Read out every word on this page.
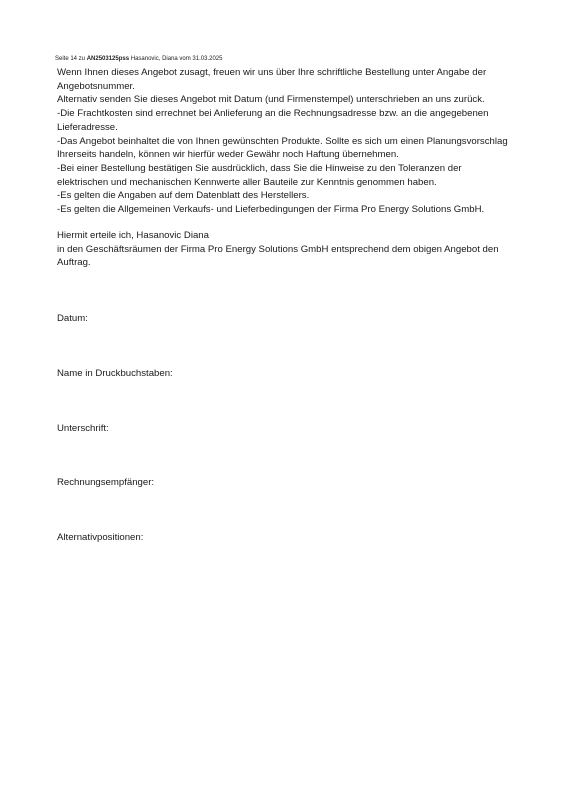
Seite 14 zu AN2503125pss Hasanovic, Diana vom 31.03.2025

Wenn Ihnen dieses Angebot zusagt, freuen wir uns über Ihre schriftliche Bestellung unter Angabe der Angebotsnummer.

Alternativ senden Sie dieses Angebot mit Datum (und Firmenstempel) unterschrieben an uns zurück.

-Die Frachtkosten sind errechnet bei Anlieferung an die Rechnungsadresse bzw. an die angegebenen Lieferadresse.

-Das Angebot beinhaltet die von Ihnen gewünschten Produkte. Sollte es sich um einen Planungsvorschlag Ihrerseits handeln, können wir hierfür weder Gewähr noch Haftung übernehmen.

-Bei einer Bestellung bestätigen Sie ausdrücklich, dass Sie die Hinweise zu den Toleranzen der elektrischen und mechanischen Kennwerte aller Bauteile zur Kenntnis genommen haben.

-Es gelten die Angaben auf dem Datenblatt des Herstellers.

-Es gelten die Allgemeinen Verkaufs- und Lieferbedingungen der Firma Pro Energy Solutions GmbH.

Hiermit erteile ich, Hasanovic Diana

in den Geschäftsräumen der Firma Pro Energy Solutions GmbH entsprechend dem obigen Angebot den Auftrag.

Datum:
Name in Druckbuchstaben:
Unterschrift:
Rechnungsempfänger:
Alternativpositionen:
